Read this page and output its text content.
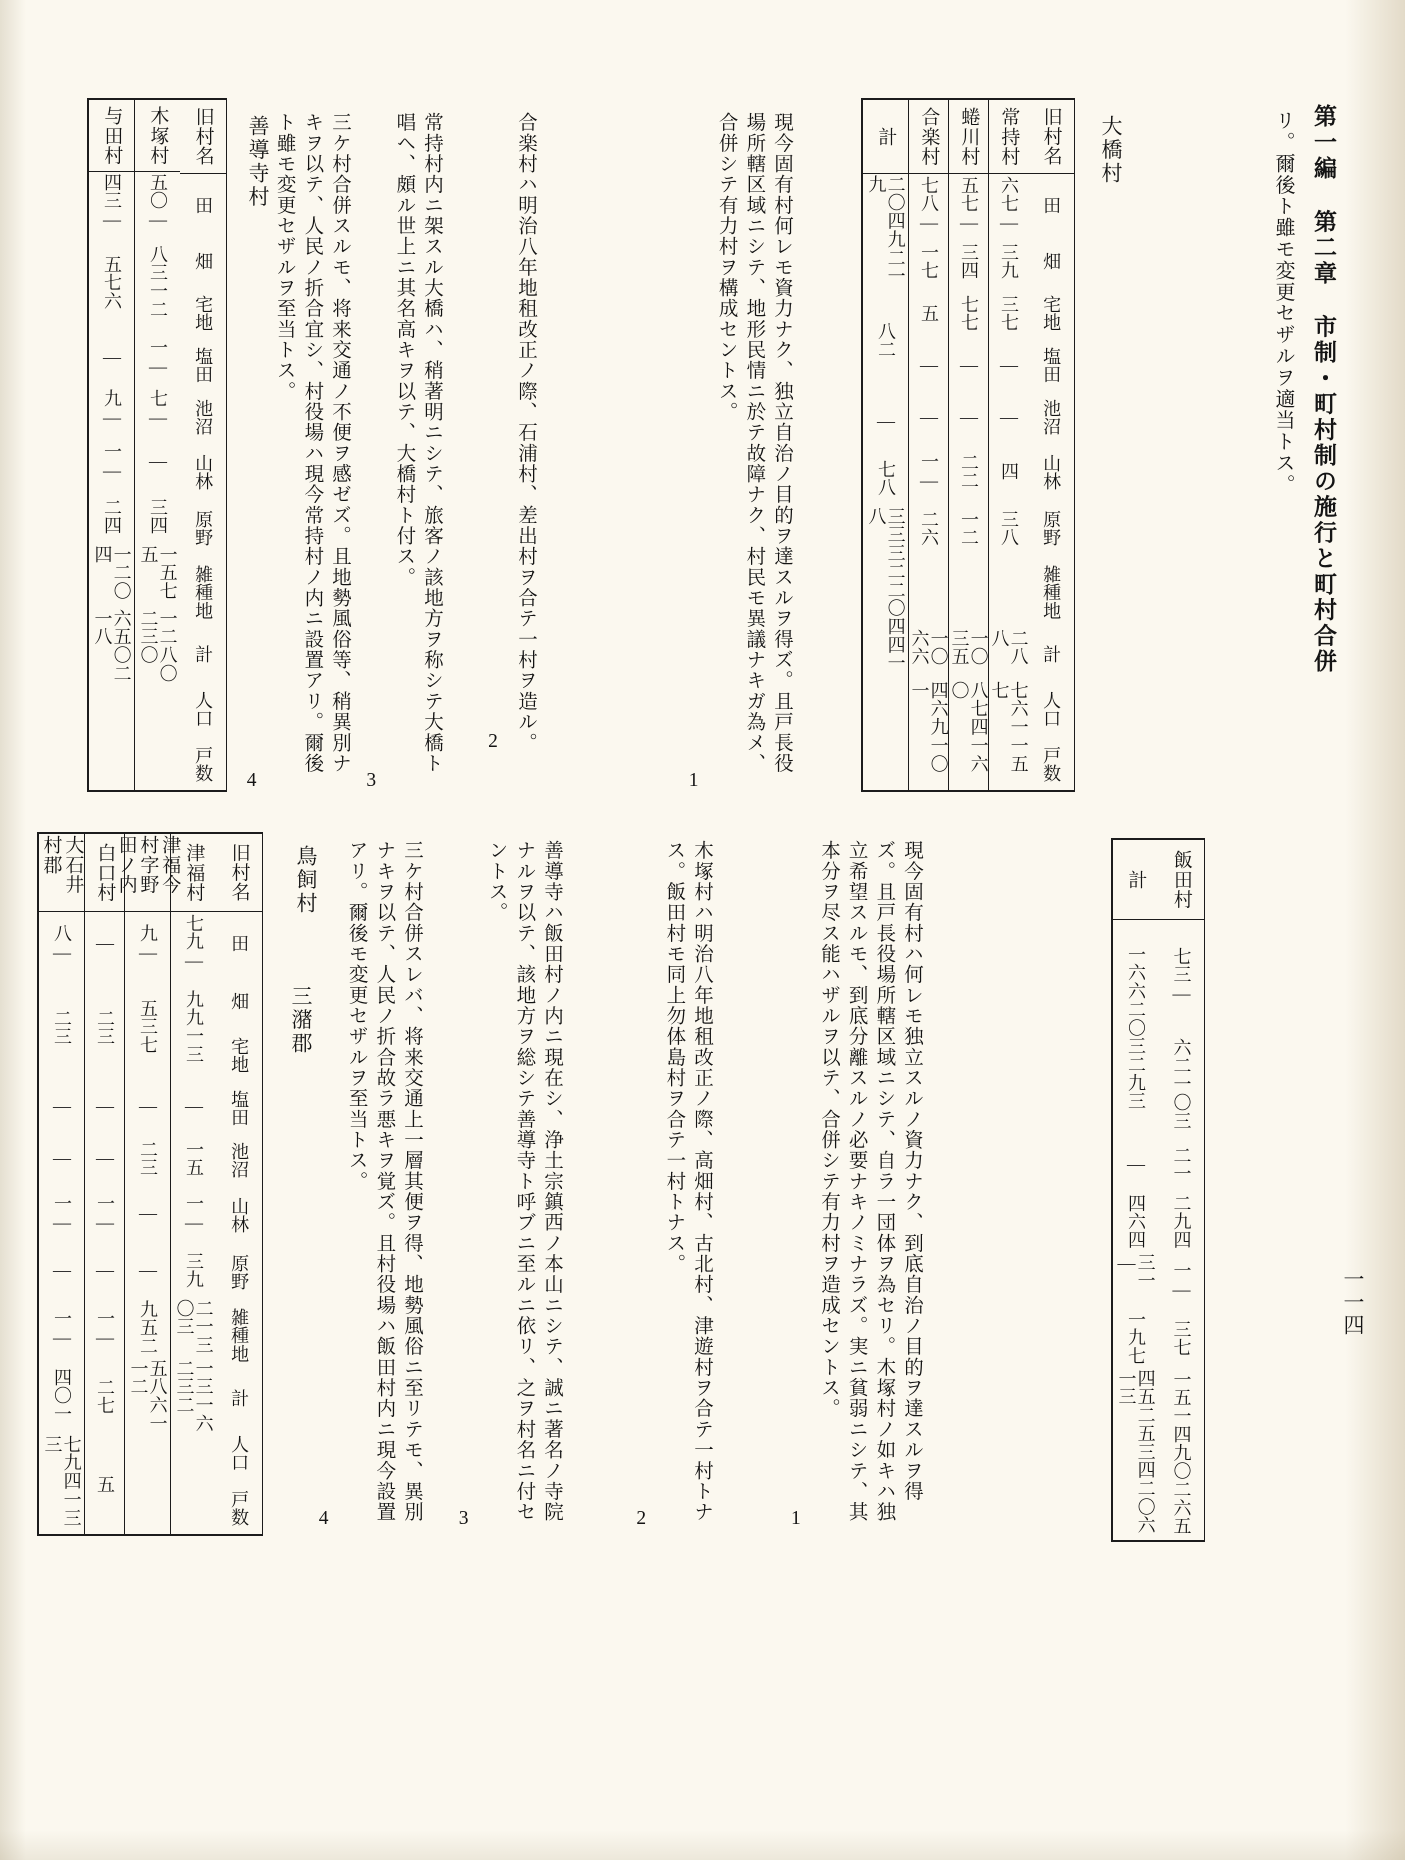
一一四
第一編 第二章 市制・町村制の施行と町村合併
リ。爾後ト雖モ変更セザルヲ適当トス。
大橋村
旧村名
田
畑
宅地
塩田
池沼
山林
原野
雑種地
計
人口
戸数
常持村
六七―
三九
三七
―
―
四
三八
二八八
七六一一五七
蜷川村
五七―
三四
七七
―
―
二二
一二
一〇三五
八七四一六〇
合楽村
七八―
一七
五
―
―
一―
二六
一〇六六
四六九一〇一
計
二〇四九二一九
八二
―
七八
三三三二二〇四四一八
1 現今固有村何レモ資力ナク、独立自治ノ目的ヲ達スルヲ得ズ。且戸長役場所轄区域ニシテ、地形民情ニ於テ故障ナク、村民モ異議ナキガ為メ、合併シテ有力村ヲ構成セントス。
2 合楽村ハ明治八年地租改正ノ際、石浦村、差出村ヲ合テ一村ヲ造ル。
3 常持村内ニ架スル大橋ハ、稍著明ニシテ、旅客ノ該地方ヲ称シテ大橋ト唱ヘ、頗ル世上ニ其名高キヲ以テ、大橋村ト付ス。
4 三ケ村合併スルモ、将来交通ノ不便ヲ感ゼズ。且地勢風俗等、稍異別ナキヲ以テ、人民ノ折合宜シ、村役場ハ現今常持村ノ内ニ設置アリ。爾後ト雖モ変更セザルヲ至当トス。
善導寺村
旧村名
田
畑
宅地
塩田
池沼
山林
原野
雑種地
計
人口
戸数
木塚村
五〇―
八三一二
一―
七―
―
三四
一五七五
一二八〇二三〇
与田村
四三―
五七六
―
九―
一―
二四
一二〇四
六五〇二一八
飯田村
七三―
六二一〇三
二一
二九四
一―
三七
一五一四九〇二六五
計
一六六二〇三二九三
―
四六四
三一―
一九七
四五二五三四二〇六一三
1 現今固有村ハ何レモ独立スルノ資力ナク、到底自治ノ目的ヲ達スルヲ得ズ。且戸長役場所轄区域ニシテ、自ラ一団体ヲ為セリ。木塚村ノ如キハ独立希望スルモ、到底分離スルノ必要ナキノミナラズ。実ニ貧弱ニシテ、其本分ヲ尽ス能ハザルヲ以テ、合併シテ有力村ヲ造成セントス。
2 木塚村ハ明治八年地租改正ノ際、高畑村、古北村、津遊村ヲ合テ一村トナス。飯田村モ同上勿体島村ヲ合テ一村トナス。
3	善導寺ハ飯田村ノ内ニ現在シ、浄土宗鎮西ノ本山ニシテ、誠ニ著名ノ寺院ナルヲ以テ、該地方ヲ総シテ善導寺ト呼ブニ至ルニ依リ、之ヲ村名ニ付セントス。
4	三ケ村合併スレバ、将来交通上一層其便ヲ得、地勢風俗ニ至リテモ、異別ナキヲ以テ、人民ノ折合故ラ悪キヲ覚ズ。且村役場ハ飯田村内ニ現今設置アリ。爾後モ変更セザルヲ至当トス。
鳥飼村
三潴郡
旧村名
田
畑
宅地
塩田
池沼
山林
原野
雑種地
計
人口
戸数
津福村
七九―
九九一三
―
一五
一―
三九
二一三〇三
一三一六二三二
津福今村字野田ノ内
九―
五三七
―
二三
―
―
九五二
五八六一一二
白口村
―
二三
―
―
一―
―
一―
二七
五
大石井村郡
八―
二三
―
―
一―
―
一―
四〇一
七九四一三三
